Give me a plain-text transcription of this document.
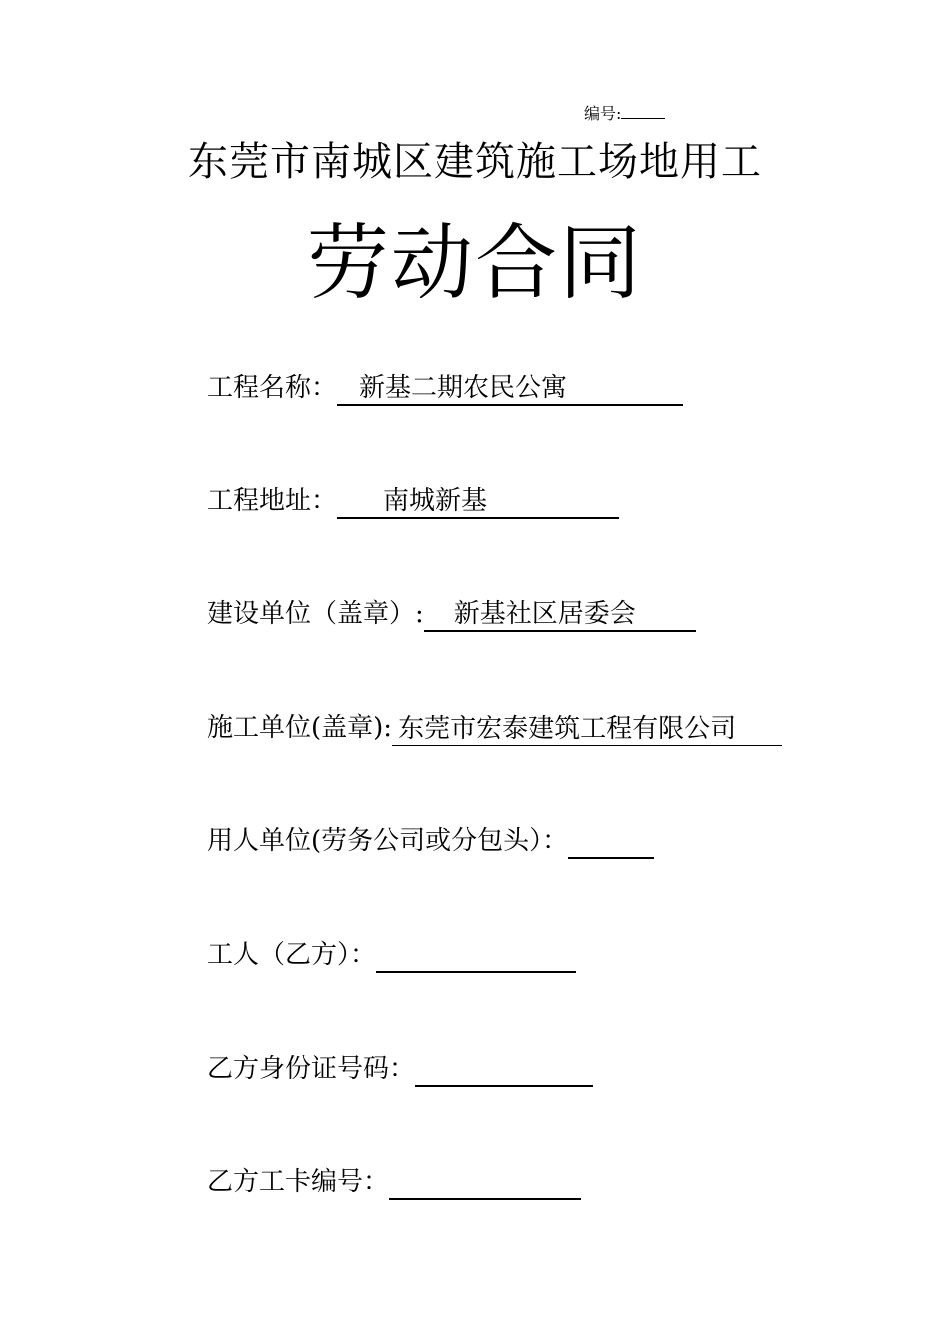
编号:
东莞市南城区建筑施工场地用工
劳动合同
工程名称： 新基二期农民公寓
工程地址： 南城新基
建设单位（盖章）: 新基社区居委会
施工单位(盖章): 东莞市宏泰建筑工程有限公司
用人单位(劳务公司或分包头）：
工人（乙方）：
乙方身份证号码：
乙方工卡编号：
